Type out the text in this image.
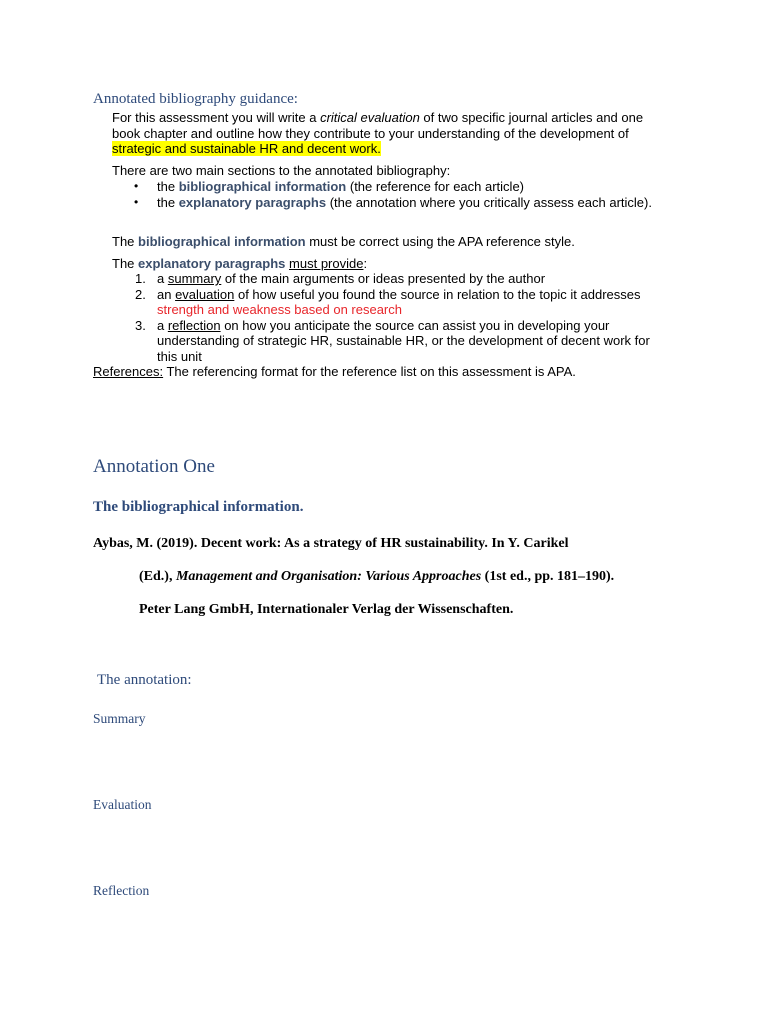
Annotated bibliography guidance:
For this assessment you will write a critical evaluation of two specific journal articles and one book chapter and outline how they contribute to your understanding of the development of strategic and sustainable HR and decent work.
There are two main sections to the annotated bibliography:
• the bibliographical information (the reference for each article)
• the explanatory paragraphs (the annotation where you critically assess each article).
The bibliographical information must be correct using the APA reference style.
The explanatory paragraphs must provide:
1. a summary of the main arguments or ideas presented by the author
2. an evaluation of how useful you found the source in relation to the topic it addresses strength and weakness based on research
3. a reflection on how you anticipate the source can assist you in developing your understanding of strategic HR, sustainable HR, or the development of decent work for this unit
References: The referencing format for the reference list on this assessment is APA.
Annotation One
The bibliographical information.
Aybas, M. (2019). Decent work: As a strategy of HR sustainability. In Y. Carikel
(Ed.), Management and Organisation: Various Approaches (1st ed., pp. 181–190).
Peter Lang GmbH, Internationaler Verlag der Wissenschaften.
The annotation:
Summary
Evaluation
Reflection
